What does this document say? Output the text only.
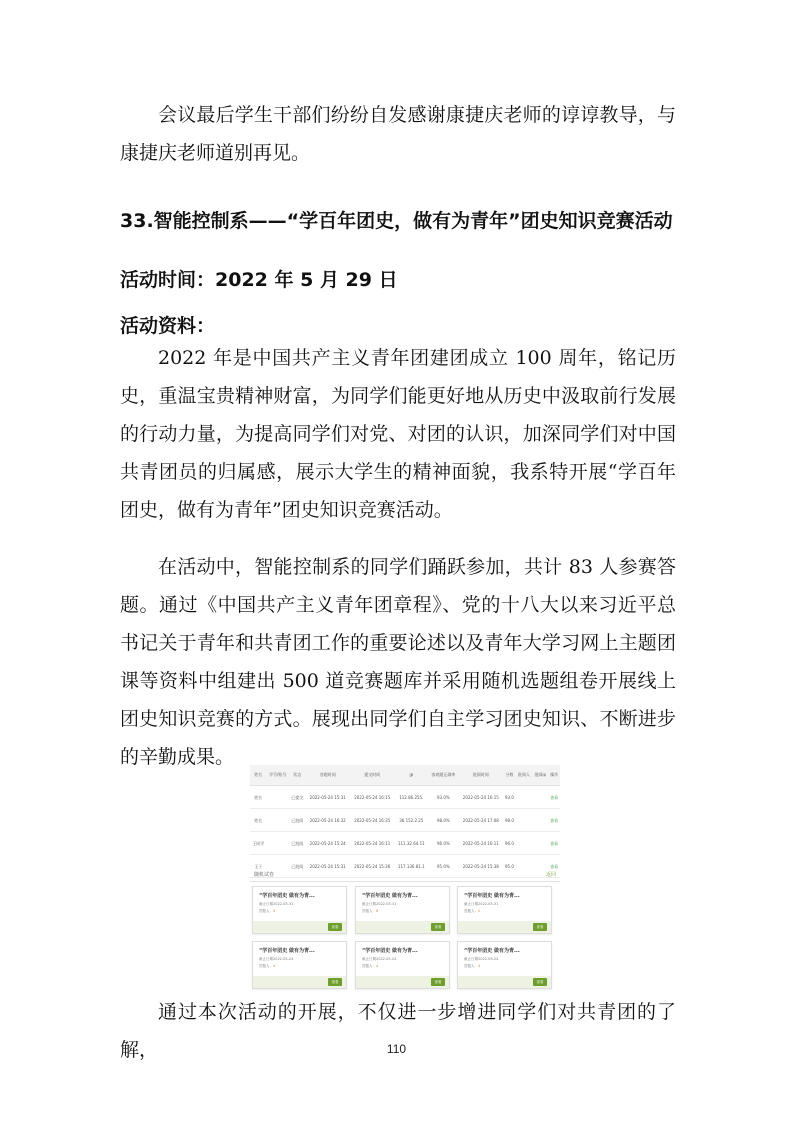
会议最后学生干部们纷纷自发感谢康捷庆老师的谆谆教导，与康捷庆老师道别再见。

33.智能控制系——“学百年团史，做有为青年”团史知识竞赛活动
活动时间：2022 年 5 月 29 日
活动资料：

2022 年是中国共产主义青年团建团成立 100 周年，铭记历史，重温宝贵精神财富，为同学们能更好地从历史中汲取前行发展的行动力量，为提高同学们对党、对团的认识，加深同学们对中国共青团员的归属感，展示大学生的精神面貌，我系特开展“学百年团史，做有为青年”团史知识竞赛活动。

在活动中，智能控制系的同学们踊跃参加，共计 83 人参赛答题。通过《中国共产主义青年团章程》、党的十八大以来习近平总书记关于青年和共青团工作的重要论述以及青年大学习网上主题团课等资料中组建出 500 道竞赛题库并采用随机选题组卷开展线上团史知识竞赛的方式。展现出同学们自主学习团史知识、不断进步的辛勤成果。

姓名	学号/账号	状态	答题时间	提交时间	IP	客观题正确率	批阅时间	分数	批阅人	批阅ip	操作
姓名		已提交	2022-05-24 15:31	2022-05-24 16:15	112.86.255.	93.0%	2022-05-24 16:15	93.0			查看
姓名		已批阅	2022-05-24 16:32	2022-05-24 16:35	36.152.2.25	98.0%	2022-05-24 17:08	98.0			查看
王同学		已批阅	2022-05-24 15:24	2022-05-24 16:11	111.32.64.11	96.0%	2022-05-24 16:11	96.0			查看
王子		已批阅	2022-05-24 15:31	2022-05-24 15:36	117.136.81.1	95.0%	2022-05-24 15:38	95.0			查看
随机试卷	返回
“学百年团史 做有为青...
截止日期2022-05-31
答题人：9
查看
“学百年团史 做有为青...
截止日期2022-05-31
答题人：8
查看
“学百年团史 做有为青...
截止日期2022-05-31
答题人：5
查看
“学百年团史 做有为青...
截止日期2022-05-24
答题人：4
查看
“学百年团史 做有为青...
截止日期2022-05-24
答题人：4
查看
“学百年团史 做有为青...
截止日期2022-05-24
答题人：4
查看

通过本次活动的开展，不仅进一步增进同学们对共青团的了解，	110
